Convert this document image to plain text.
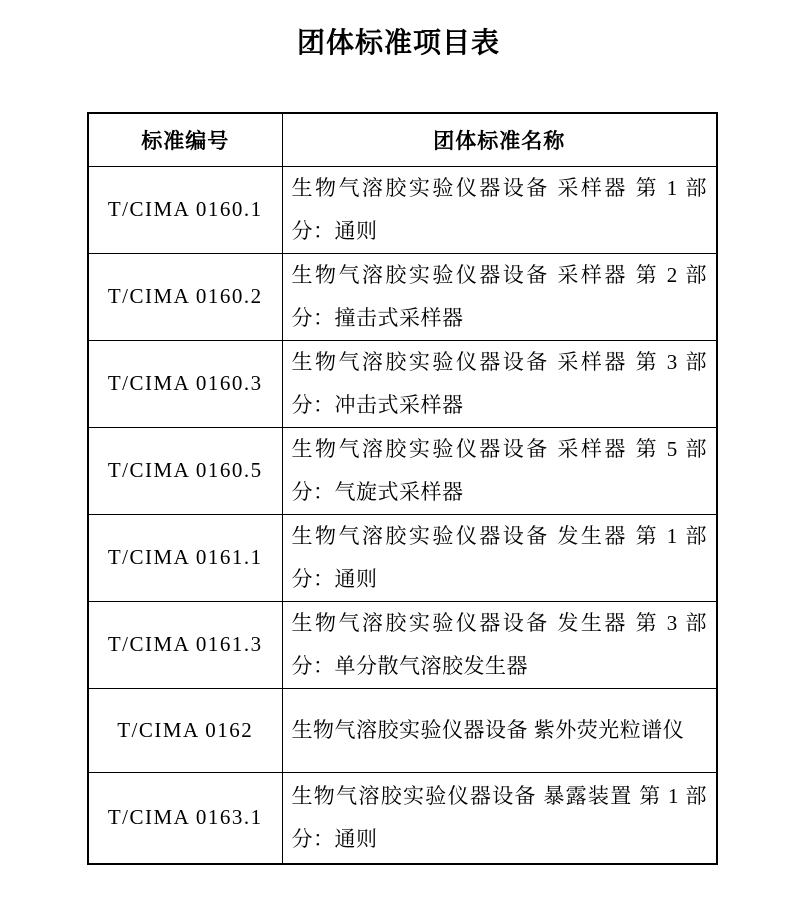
团体标准项目表
标准编号	团体标准名称
T/CIMA 0160.1	生物气溶胶实验仪器设备 采样器 第 1 部分：通则
T/CIMA 0160.2	生物气溶胶实验仪器设备 采样器 第 2 部分：撞击式采样器
T/CIMA 0160.3	生物气溶胶实验仪器设备 采样器 第 3 部分：冲击式采样器
T/CIMA 0160.5	生物气溶胶实验仪器设备 采样器 第 5 部分：气旋式采样器
T/CIMA 0161.1	生物气溶胶实验仪器设备 发生器 第 1 部分：通则
T/CIMA 0161.3	生物气溶胶实验仪器设备 发生器 第 3 部分：单分散气溶胶发生器
T/CIMA 0162	生物气溶胶实验仪器设备 紫外荧光粒谱仪
T/CIMA 0163.1	生物气溶胶实验仪器设备 暴露装置 第 1 部分：通则
